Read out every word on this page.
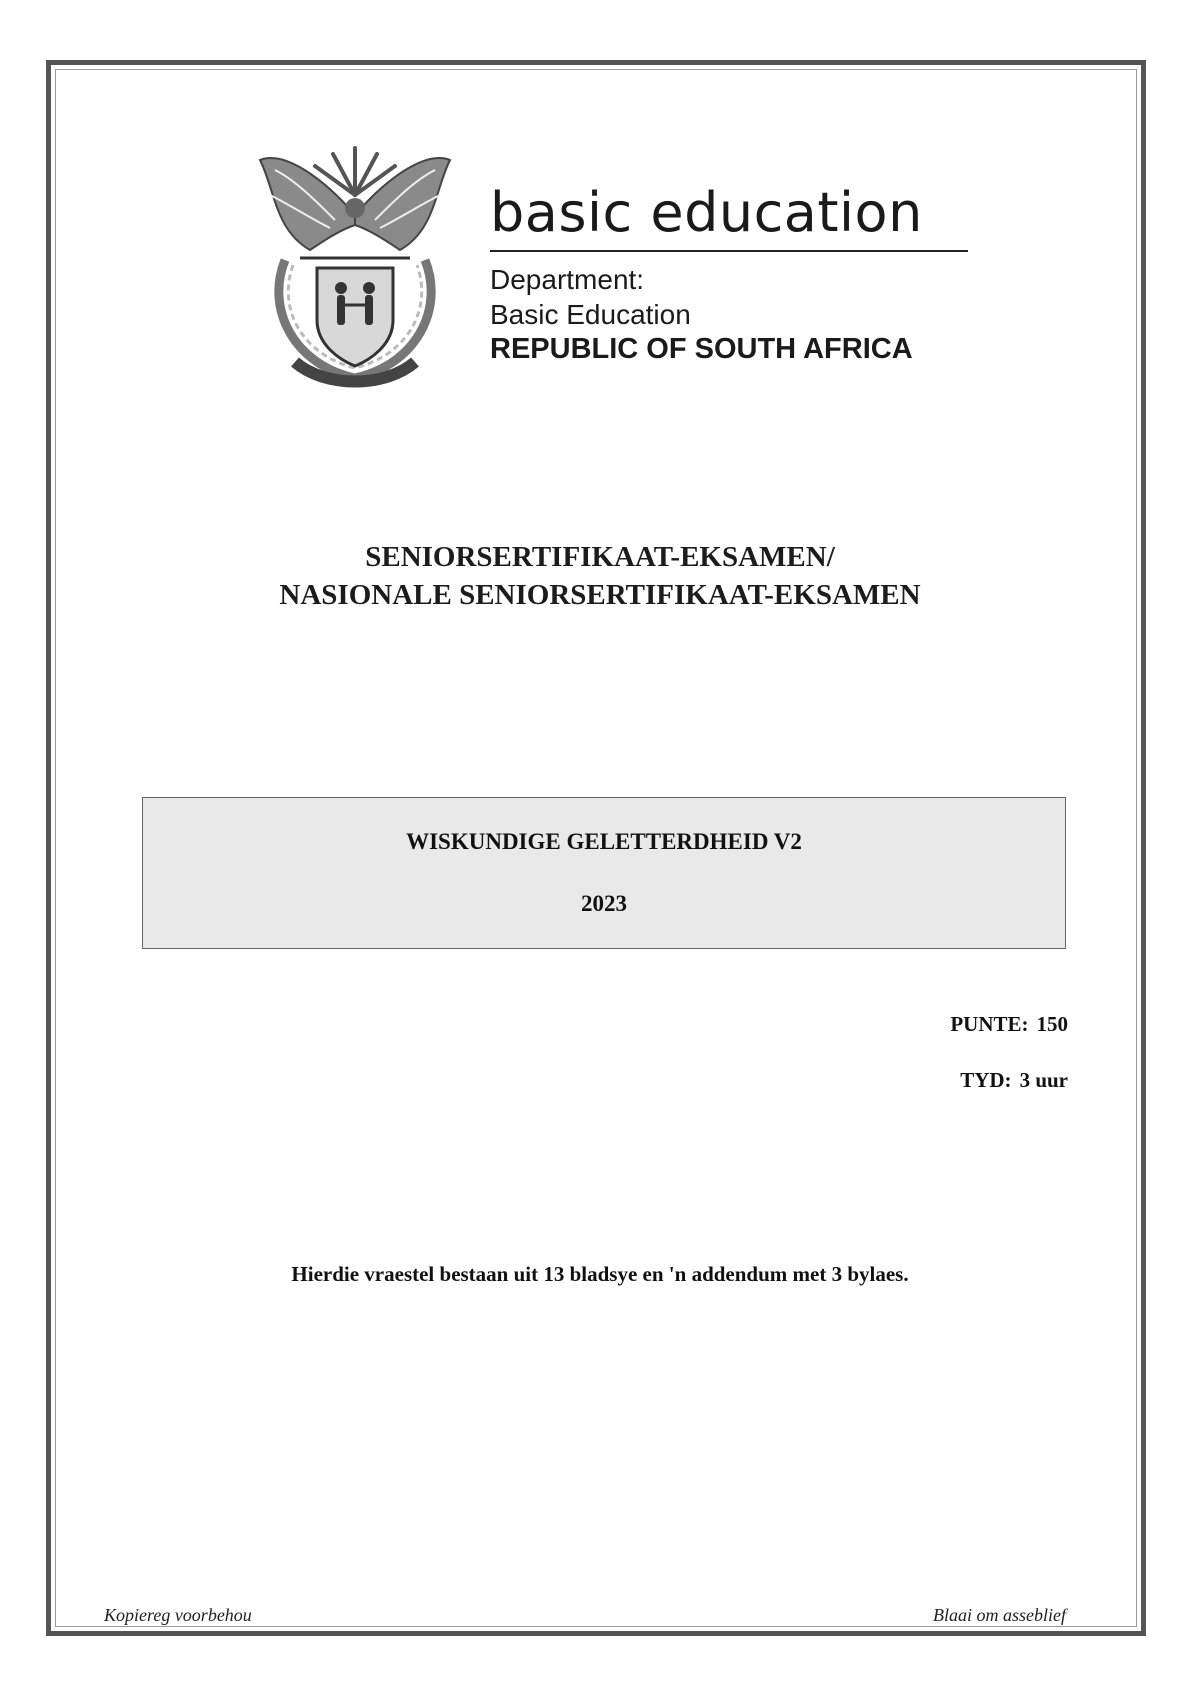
basic education
Department:
Basic Education
REPUBLIC OF SOUTH AFRICA
SENIORSERTIFIKAAT-EKSAMEN/
NASIONALE SENIORSERTIFIKAAT-EKSAMEN
WISKUNDIGE GELETTERDHEID V2
2023
PUNTE: 150
TYD: 3 uur
Hierdie vraestel bestaan uit 13 bladsye en 'n addendum met 3 bylaes.
Kopiereg voorbehou	Blaai om asseblief
